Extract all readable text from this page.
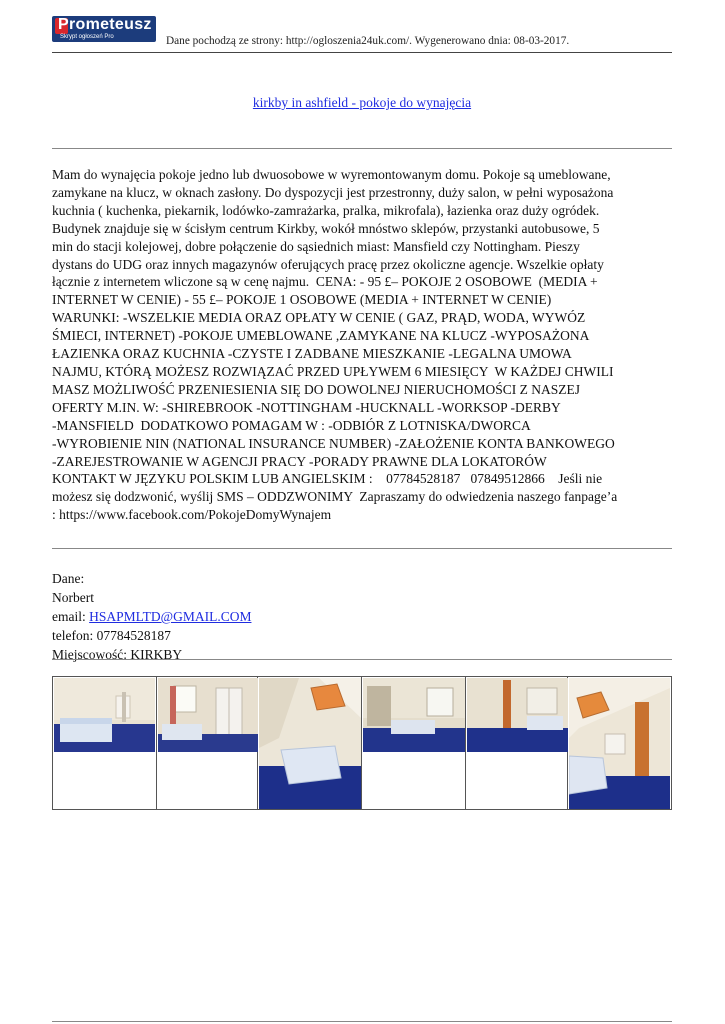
Prometeusz
Skrypt ogłoszeń Pro	Dane pochodzą ze strony: http://ogloszenia24uk.com/. Wygenerowano dnia: 08-03-2017.
kirkby in ashfield - pokoje do wynajęcia
Mam do wynajęcia pokoje jedno lub dwuosobowe w wyremontowanym domu. Pokoje są umeblowane,
zamykane na klucz, w oknach zasłony. Do dyspozycji jest przestronny, duży salon, w pełni wyposażona
kuchnia ( kuchenka, piekarnik, lodówko-zamrażarka, pralka, mikrofala), łazienka oraz duży ogródek.
Budynek znajduje się w ścisłym centrum Kirkby, wokół mnóstwo sklepów, przystanki autobusowe, 5
min do stacji kolejowej, dobre połączenie do sąsiednich miast: Mansfield czy Nottingham. Pieszy
dystans do UDG oraz innych magazynów oferujących pracę przez okoliczne agencje. Wszelkie opłaty
łącznie z internetem wliczone są w cenę najmu.  CENA: - 95 £– POKOJE 2 OSOBOWE  (MEDIA +
INTERNET W CENIE) - 55 £– POKOJE 1 OSOBOWE (MEDIA + INTERNET W CENIE)
WARUNKI: -WSZELKIE MEDIA ORAZ OPŁATY W CENIE ( GAZ, PRĄD, WODA, WYWÓZ
ŚMIECI, INTERNET) -POKOJE UMEBLOWANE ,ZAMYKANE NA KLUCZ -WYPOSAŻONA
ŁAZIENKA ORAZ KUCHNIA -CZYSTE I ZADBANE MIESZKANIE -LEGALNA UMOWA
NAJMU, KTÓRĄ MOŻESZ ROZWIĄZAĆ PRZED UPŁYWEM 6 MIESIĘCY  W KAŻDEJ CHWILI
MASZ MOŻLIWOŚĆ PRZENIESIENIA SIĘ DO DOWOLNEJ NIERUCHOMOŚCI Z NASZEJ
OFERTY M.IN. W: -SHIREBROOK -NOTTINGHAM -HUCKNALL -WORKSOP -DERBY
-MANSFIELD  DODATKOWO POMAGAM W : -ODBIÓR Z LOTNISKA/DWORCA
-WYROBIENIE NIN (NATIONAL INSURANCE NUMBER) -ZAŁOŻENIE KONTA BANKOWEGO
-ZAREJESTROWANIE W AGENCJI PRACY -PORADY PRAWNE DLA LOKATORÓW
KONTAKT W JĘZYKU POLSKIM LUB ANGIELSKIM :    07784528187   07849512866    Jeśli nie
możesz się dodzwonić, wyślij SMS – ODDZWONIMY  Zapraszamy do odwiedzenia naszego fanpage’a
: https://www.facebook.com/PokojeDomyWynajem
Dane:
Norbert
email: HSAPMLTD@GMAIL.COM
telefon: 07784528187
Miejscowość: KIRKBY
